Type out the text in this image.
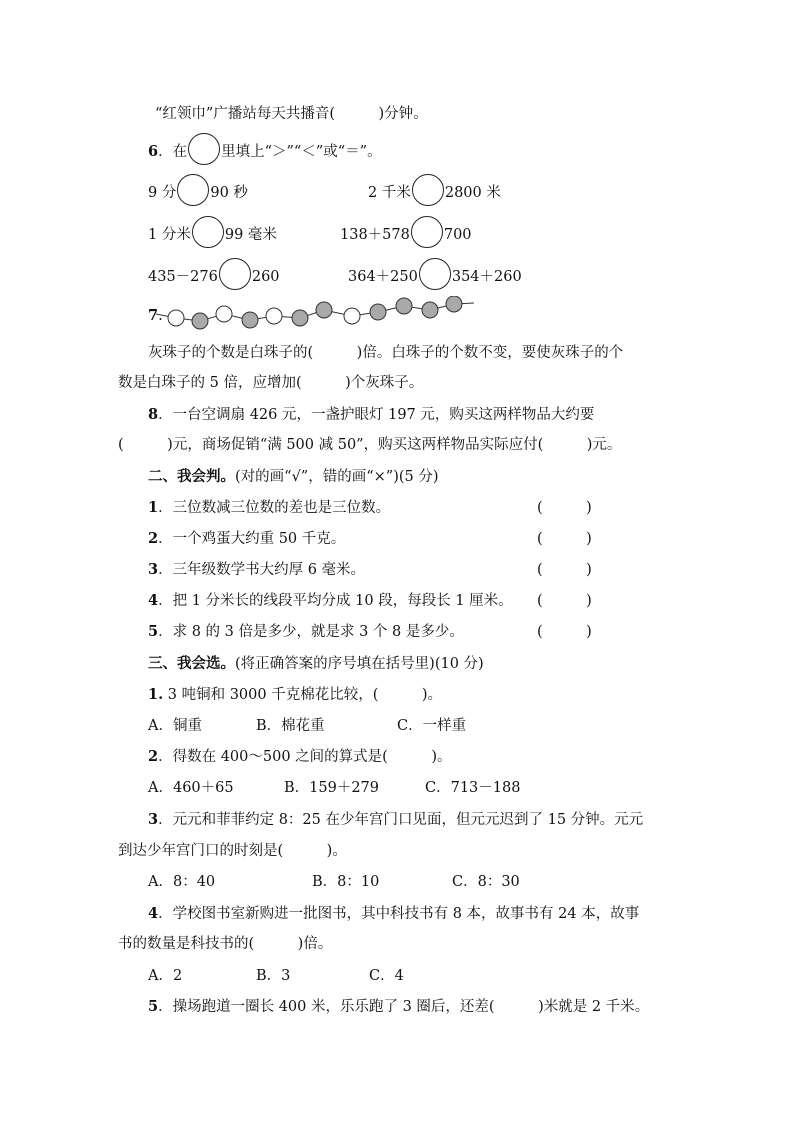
“红领巾”广播站每天共播音(　　　)分钟。
6．在 里填上“＞”“＜”或“＝”。
9 分 90 秒	2 千米 2800 米
1 分米 99 毫米	138＋578 700
435－276 260	364＋250 354＋260
7.
灰珠子的个数是白珠子的(　　　)倍。白珠子的个数不变，要使灰珠子的个
数是白珠子的 5 倍，应增加(　　　)个灰珠子。
8．一台空调扇 426 元，一盏护眼灯 197 元，购买这两样物品大约要
(　　　)元，商场促销“满 500 减 50”，购买这两样物品实际应付(　　　)元。
二、我会判。(对的画“√”，错的画“×”)(5 分)
1．三位数减三位数的差也是三位数。	(　　　)
2．一个鸡蛋大约重 50 千克。	(　　　)
3．三年级数学书大约厚 6 毫米。	(　　　)
4．把 1 分米长的线段平均分成 10 段，每段长 1 厘米。 (　　　)
5．求 8 的 3 倍是多少，就是求 3 个 8 是多少。	(　　　)
三、我会选。(将正确答案的序号填在括号里)(10 分)
1. 3 吨铜和 3000 千克棉花比较，(　　　)。
A．铜重	B．棉花重	C．一样重
2．得数在 400～500 之间的算式是(　　　)。
A．460＋65	B．159＋279	C．713－188
3．元元和菲菲约定 8：25 在少年宫门口见面，但元元迟到了 15 分钟。元元
到达少年宫门口的时刻是(　　　)。
A．8：40	B．8：10	C．8：30
4．学校图书室新购进一批图书，其中科技书有 8 本，故事书有 24 本，故事
书的数量是科技书的(　　　)倍。
A．2	B．3	C．4
5．操场跑道一圈长 400 米，乐乐跑了 3 圈后，还差(　　　)米就是 2 千米。
